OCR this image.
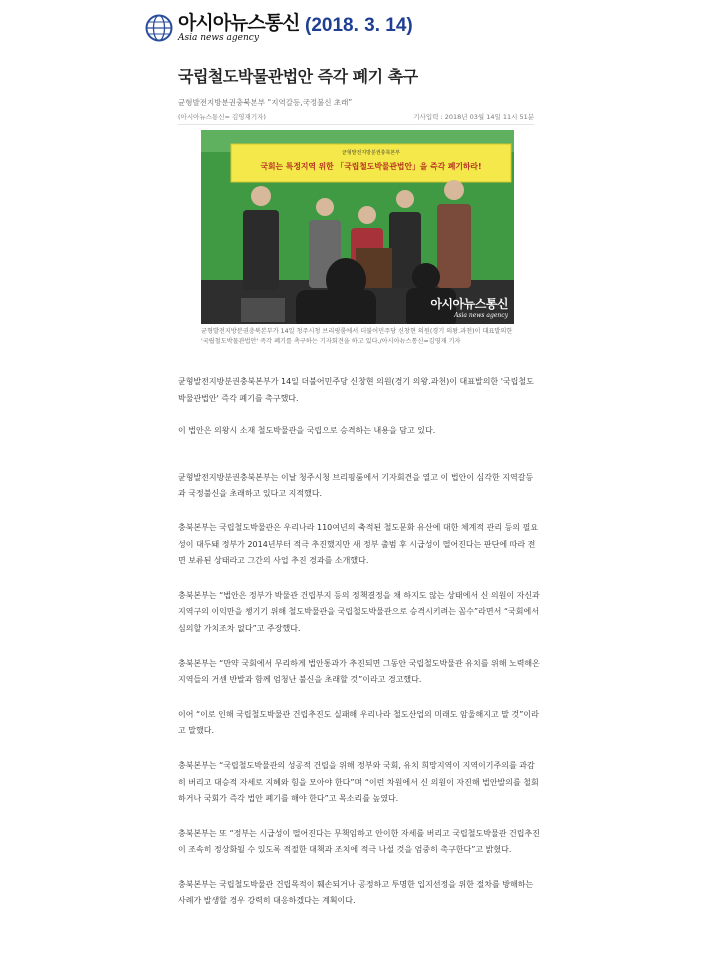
아시아뉴스통신
Asia news agency
(2018. 3. 14)
국립철도박물관법안 즉각 폐기 촉구
균형발전지방분권충북본부 “지역갈등,국정불신 초래”
(아시아뉴스통신= 김영재기자)	기사입력 : 2018년 03월 14일 11시 51분
균형발전지방분권충북본부
국회는 특정지역 위한 「국립철도박물관법안」을 즉각 폐기하라!
아시아뉴스통신
Asia news agency
균형발전지방분권충북본부가 14일 청주시청 브리핑룸에서 더불어민주당 신창현 의원(경기 의왕.과천)이 대표발의한 '국립철도박물관법안' 즉각 폐기를 촉구하는 기자회견을 하고 있다./아시아뉴스통신=김영재 기자

균형발전지방분권충북본부가 14일 더불어민주당 신창현 의원(경기 의왕.과천)이 대표발의한 '국립철도박물관법안' 즉각 폐기를 촉구했다.

이 법안은 의왕시 소재 철도박물관을 국립으로 승격하는 내용을 담고 있다.

균형발전지방분권충북본부는 이날 청주시청 브리핑룸에서 기자회견을 열고 이 법안이 심각한 지역갈등과 국정불신을 초래하고 있다고 지적했다.

충북본부는 국립철도박물관은 우리나라 110여년의 축적된 철도문화 유산에 대한 체계적 관리 등의 필요성이 대두돼 정부가 2014년부터 적극 추진했지만 새 정부 출범 후 시급성이 떨어진다는 판단에 따라 전면 보류된 상태라고 그간의 사업 추진 경과를 소개했다.

충북본부는 “법안은 정부가 박물관 건립부지 등의 정책결정을 채 하지도 않는 상태에서 신 의원이 자신과 지역구의 이익만을 챙기기 위해 철도박물관을 국립철도박물관으로 승격시키려는 꼼수”라면서 “국회에서 심의할 가치조차 없다”고 주장했다.

충북본부는 “만약 국회에서 무리하게 법안통과가 추진되면 그동안 국립철도박물관 유치를 위해 노력해온 지역들의 거센 반발과 함께 엄청난 불신을 초래할 것”이라고 경고했다.

이어 “이로 인해 국립철도박물관 건립추진도 실패해 우리나라 철도산업의 미래도 암울해지고 말 것”이라고 말했다.

충북본부는 “국립철도박물관의 성공적 건립을 위해 정부와 국회, 유치 희망지역이 지역이기주의를 과감히 버리고 대승적 자세로 지혜와 힘을 모아야 한다”며 “이런 차원에서 신 의원이 자진해 법안발의를 철회하거나 국회가 즉각 법안 폐기를 해야 한다”고 목소리를 높였다.

충북본부는 또 “정부는 시급성이 떨어진다는 무책임하고 안이한 자세를 버리고 국립철도박물관 건립추진이 조속히 정상화될 수 있도록 적절한 대책과 조치에 적극 나설 것을 엄중히 촉구한다”고 밝혔다.

충북본부는 국립철도박물관 건립목적이 훼손되거나 공정하고 투명한 입지선정을 위한 절차를 방해하는 사례가 발생할 경우 강력히 대응하겠다는 계획이다.
